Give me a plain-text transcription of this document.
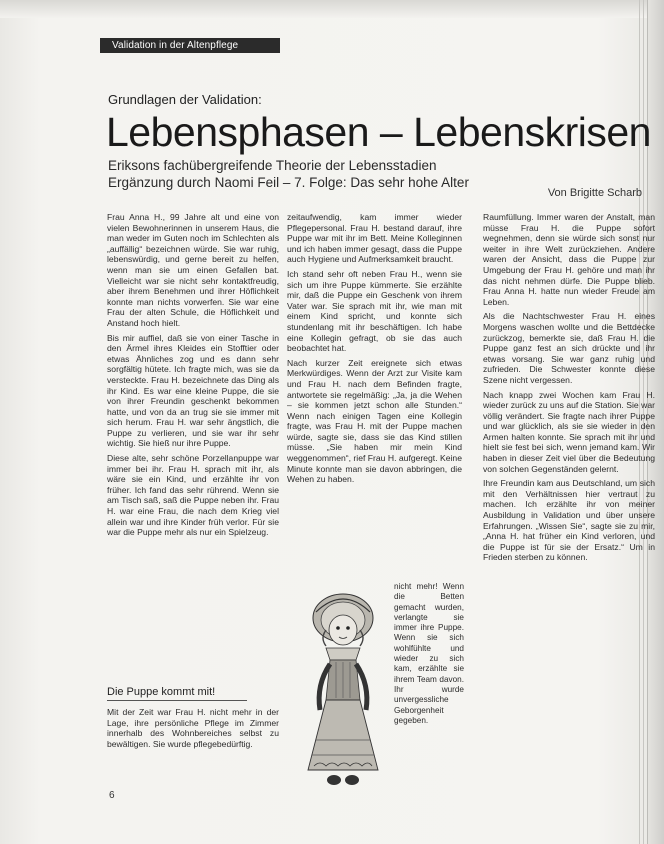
Validation in der Altenpflege
Grundlagen der Validation:
Lebensphasen – Lebenskrisen
Eriksons fachübergreifende Theorie der Lebensstadien
Ergänzung durch Naomi Feil – 7. Folge: Das sehr hohe Alter
Von Brigitte Scharb

Frau Anna H., 99 Jahre alt und eine von vielen Bewohnerinnen in unserem Haus, die man weder im Guten noch im Schlechten als „auffällig“ bezeichnen würde. Sie war ruhig, lebenswürdig, und gerne bereit zu helfen, wenn man sie um einen Gefallen bat. Vielleicht war sie nicht sehr kontaktfreudig, aber ihrem Benehmen und ihrer Höflichkeit konnte man nichts vorwerfen. Sie war eine Frau der alten Schule, die Höflichkeit und Anstand hoch hielt.

Bis mir auffiel, daß sie von einer Tasche in den Ärmel ihres Kleides ein Stofftier oder etwas Ähnliches zog und es dann sehr sorgfältig hütete. Ich fragte mich, was sie da versteckte. Frau H. bezeichnete das Ding als ihr Kind. Es war eine kleine Puppe, die sie von ihrer Freundin geschenkt bekommen hatte, und von da an trug sie sie immer mit sich herum. Frau H. war sehr ängstlich, die Puppe zu verlieren, und sie war ihr sehr wichtig. Sie hieß nur ihre Puppe.

Diese alte, sehr schöne Porzellanpuppe war immer bei ihr. Frau H. sprach mit ihr, als wäre sie ein Kind, und erzählte ihr von früher. Ich fand das sehr rührend. Wenn sie am Tisch saß, saß die Puppe neben ihr. Frau H. war eine Frau, die nach dem Krieg viel allein war und ihre Kinder früh verlor. Für sie war die Puppe mehr als nur ein Spielzeug.

Die Puppe kommt mit!

Mit der Zeit war Frau H. nicht mehr in der Lage, ihre persönliche Pflege im Zimmer innerhalb des Wohnbereiches selbst zu bewältigen. Sie wurde pflegebedürftig.

zeitaufwendig, kam immer wieder Pflegepersonal. Frau H. bestand darauf, ihre Puppe war mit ihr im Bett. Meine Kolleginnen und ich haben immer gesagt, dass die Puppe auch Hygiene und Aufmerksamkeit braucht.

Ich stand sehr oft neben Frau H., wenn sie sich um ihre Puppe kümmerte. Sie erzählte mir, daß die Puppe ein Geschenk von ihrem Vater war. Sie sprach mit ihr, wie man mit einem Kind spricht, und konnte sich stundenlang mit ihr beschäftigen. Ich habe eine Kollegin gefragt, ob sie das auch beobachtet hat.

Nach kurzer Zeit ereignete sich etwas Merkwürdiges. Wenn der Arzt zur Visite kam und Frau H. nach dem Befinden fragte, antwortete sie regelmäßig: „Ja, ja die Wehen – sie kommen jetzt schon alle Stunden.“ Wenn nach einigen Tagen eine Kollegin fragte, was Frau H. mit der Puppe machen würde, sagte sie, dass sie das Kind stillen müsse. „Sie haben mir mein Kind weggenommen“, rief Frau H. aufgeregt. Keine Minute konnte man sie davon abbringen, die Wehen zu haben.

nicht mehr! Wenn die Betten gemacht wurden, verlangte sie immer ihre Puppe. Wenn sie sich wohlfühlte und wieder zu sich kam, erzählte sie ihrem Team davon. Ihr wurde unvergessliche Geborgenheit gegeben.

Raumfüllung. Immer waren der Anstalt, man müsse Frau H. die Puppe sofort wegnehmen, denn sie würde sich sonst nur weiter in ihre Welt zurückziehen. Andere waren der Ansicht, dass die Puppe zur Umgebung der Frau H. gehöre und man ihr das nicht nehmen dürfe. Die Puppe blieb. Frau Anna H. hatte nun wieder Freude am Leben.

Als die Nachtschwester Frau H. eines Morgens waschen wollte und die Bettdecke zurückzog, bemerkte sie, daß Frau H. die Puppe ganz fest an sich drückte und ihr etwas vorsang. Sie war ganz ruhig und zufrieden. Die Schwester konnte diese Szene nicht vergessen.

Nach knapp zwei Wochen kam Frau H. wieder zurück zu uns auf die Station. Sie war völlig verändert. Sie fragte nach ihrer Puppe und war glücklich, als sie sie wieder in den Armen halten konnte. Sie sprach mit ihr und hielt sie fest bei sich, wenn jemand kam. Wir haben in dieser Zeit viel über die Bedeutung von solchen Gegenständen gelernt.

Ihre Freundin kam aus Deutschland, um sich mit den Verhältnissen hier vertraut zu machen. Ich erzählte ihr von meiner Ausbildung in Validation und über unsere Erfahrungen. „Wissen Sie“, sagte sie zu mir, „Anna H. hat früher ein Kind verloren, und die Puppe ist für sie der Ersatz.“ Um in Frieden sterben zu können.

6
